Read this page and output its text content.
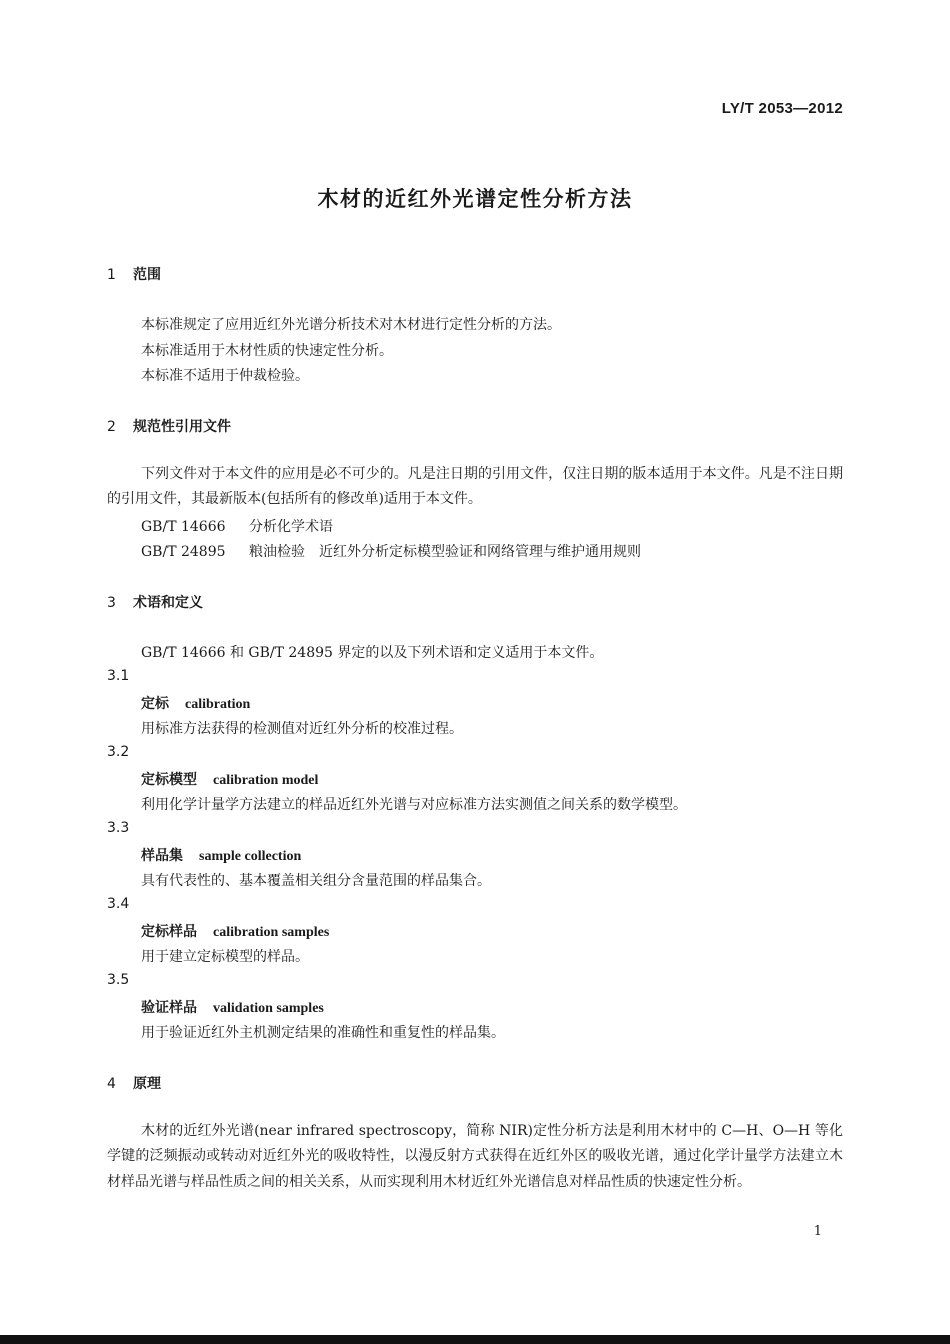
LY/T 2053—2012
木材的近红外光谱定性分析方法
1 范围
本标准规定了应用近红外光谱分析技术对木材进行定性分析的方法。
本标准适用于木材性质的快速定性分析。
本标准不适用于仲裁检验。
2 规范性引用文件
下列文件对于本文件的应用是必不可少的。凡是注日期的引用文件，仅注日期的版本适用于本文件。凡是不注日期的引用文件，其最新版本(包括所有的修改单)适用于本文件。
GB/T 14666 分析化学术语
GB/T 24895 粮油检验　近红外分析定标模型验证和网络管理与维护通用规则
3 术语和定义
GB/T 14666 和 GB/T 24895 界定的以及下列术语和定义适用于本文件。
3.1
定标 calibration
用标准方法获得的检测值对近红外分析的校准过程。
3.2
定标模型 calibration model
利用化学计量学方法建立的样品近红外光谱与对应标准方法实测值之间关系的数学模型。
3.3
样品集 sample collection
具有代表性的、基本覆盖相关组分含量范围的样品集合。
3.4
定标样品 calibration samples
用于建立定标模型的样品。
3.5
验证样品 validation samples
用于验证近红外主机测定结果的准确性和重复性的样品集。
4 原理
木材的近红外光谱(near infrared spectroscopy，简称 NIR)定性分析方法是利用木材中的 C—H、O—H 等化学键的泛频振动或转动对近红外光的吸收特性，以漫反射方式获得在近红外区的吸收光谱，通过化学计量学方法建立木材样品光谱与样品性质之间的相关关系，从而实现利用木材近红外光谱信息对样品性质的快速定性分析。
1
